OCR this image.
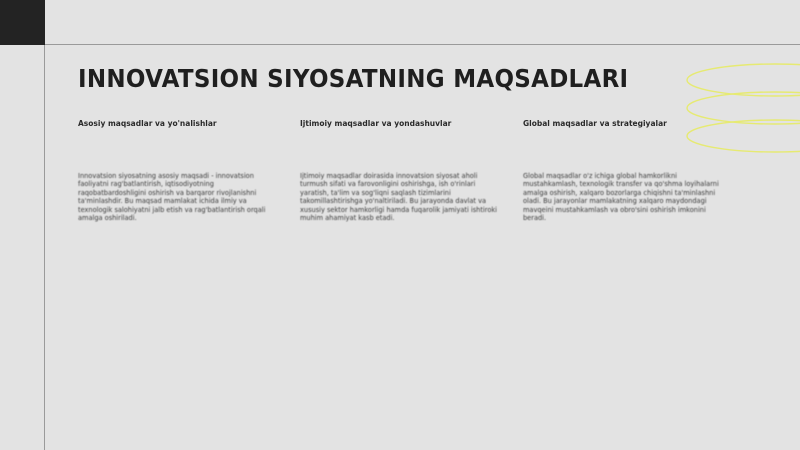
INNOVATSION SIYOSATNING MAQSADLARI
Asosiy maqsadlar va yo'nalishlar

Innovatsion siyosatning asosiy maqsadi - innovatsion faoliyatni rag'batlantirish, iqtisodiyotning raqobatbardoshligini oshirish va barqaror rivojlanishni ta'minlashdir. Bu maqsad mamlakat ichida ilmiy va texnologik salohiyatni jalb etish va rag'batlantirish orqali amalga oshiriladi.

Ijtimoiy maqsadlar va yondashuvlar

Ijtimoiy maqsadlar doirasida innovatsion siyosat aholi turmush sifati va farovonligini oshirishga, ish o'rinlari yaratish, ta'lim va sog'liqni saqlash tizimlarini takomillashtirishga yo'naltiriladi. Bu jarayonda davlat va xususiy sektor hamkorligi hamda fuqarolik jamiyati ishtiroki muhim ahamiyat kasb etadi.

Global maqsadlar va strategiyalar

Global maqsadlar o'z ichiga global hamkorlikni mustahkamlash, texnologik transfer va qo'shma loyihalarni amalga oshirish, xalqaro bozorlarga chiqishni ta'minlashni oladi. Bu jarayonlar mamlakatning xalqaro maydondagi mavqeini mustahkamlash va obro'sini oshirish imkonini beradi.
